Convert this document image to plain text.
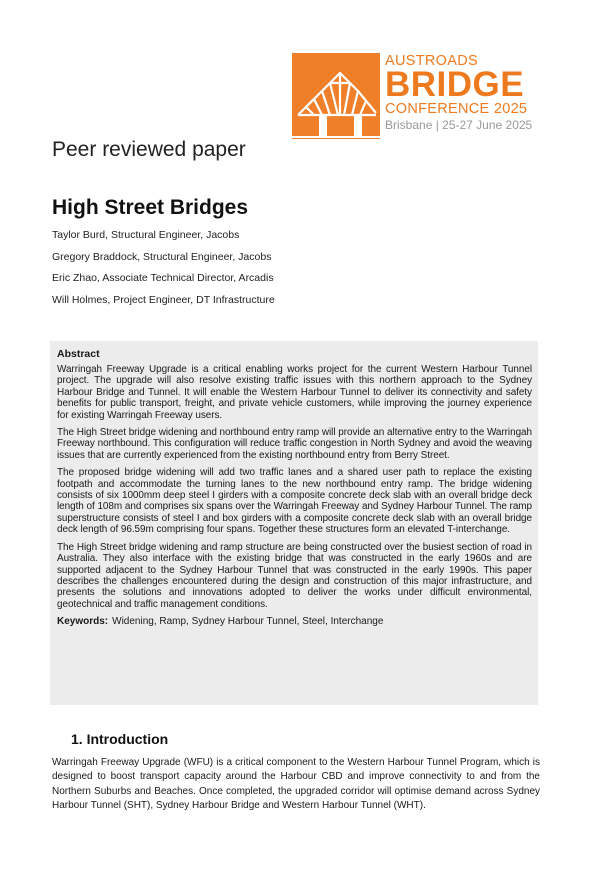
AUSTROADS
BRIDGE
CONFERENCE 2025
Brisbane | 25-27 June 2025
Peer reviewed paper
High Street Bridges
Taylor Burd, Structural Engineer, Jacobs
Gregory Braddock, Structural Engineer, Jacobs
Eric Zhao, Associate Technical Director, Arcadis
Will Holmes, Project Engineer, DT Infrastructure
Abstract

Warringah Freeway Upgrade is a critical enabling works project for the current Western Harbour Tunnel project. The upgrade will also resolve existing traffic issues with this northern approach to the Sydney Harbour Bridge and Tunnel. It will enable the Western Harbour Tunnel to deliver its connectivity and safety benefits for public transport, freight, and private vehicle customers, while improving the journey experience for existing Warringah Freeway users.

The High Street bridge widening and northbound entry ramp will provide an alternative entry to the Warringah Freeway northbound. This configuration will reduce traffic congestion in North Sydney and avoid the weaving issues that are currently experienced from the existing northbound entry from Berry Street.

The proposed bridge widening will add two traffic lanes and a shared user path to replace the existing footpath and accommodate the turning lanes to the new northbound entry ramp. The bridge widening consists of six 1000mm deep steel I girders with a composite concrete deck slab with an overall bridge deck length of 108m and comprises six spans over the Warringah Freeway and Sydney Harbour Tunnel. The ramp superstructure consists of steel I and box girders with a composite concrete deck slab with an overall bridge deck length of 96.59m comprising four spans. Together these structures form an elevated T-interchange.

The High Street bridge widening and ramp structure are being constructed over the busiest section of road in Australia. They also interface with the existing bridge that was constructed in the early 1960s and are supported adjacent to the Sydney Harbour Tunnel that was constructed in the early 1990s. This paper describes the challenges encountered during the design and construction of this major infrastructure, and presents the solutions and innovations adopted to deliver the works under difficult environmental, geotechnical and traffic management conditions.

Keywords: Widening, Ramp, Sydney Harbour Tunnel, Steel, Interchange
1. Introduction
Warringah Freeway Upgrade (WFU) is a critical component to the Western Harbour Tunnel Program, which is designed to boost transport capacity around the Harbour CBD and improve connectivity to and from the Northern Suburbs and Beaches. Once completed, the upgraded corridor will optimise demand across Sydney Harbour Tunnel (SHT), Sydney Harbour Bridge and Western Harbour Tunnel (WHT).
